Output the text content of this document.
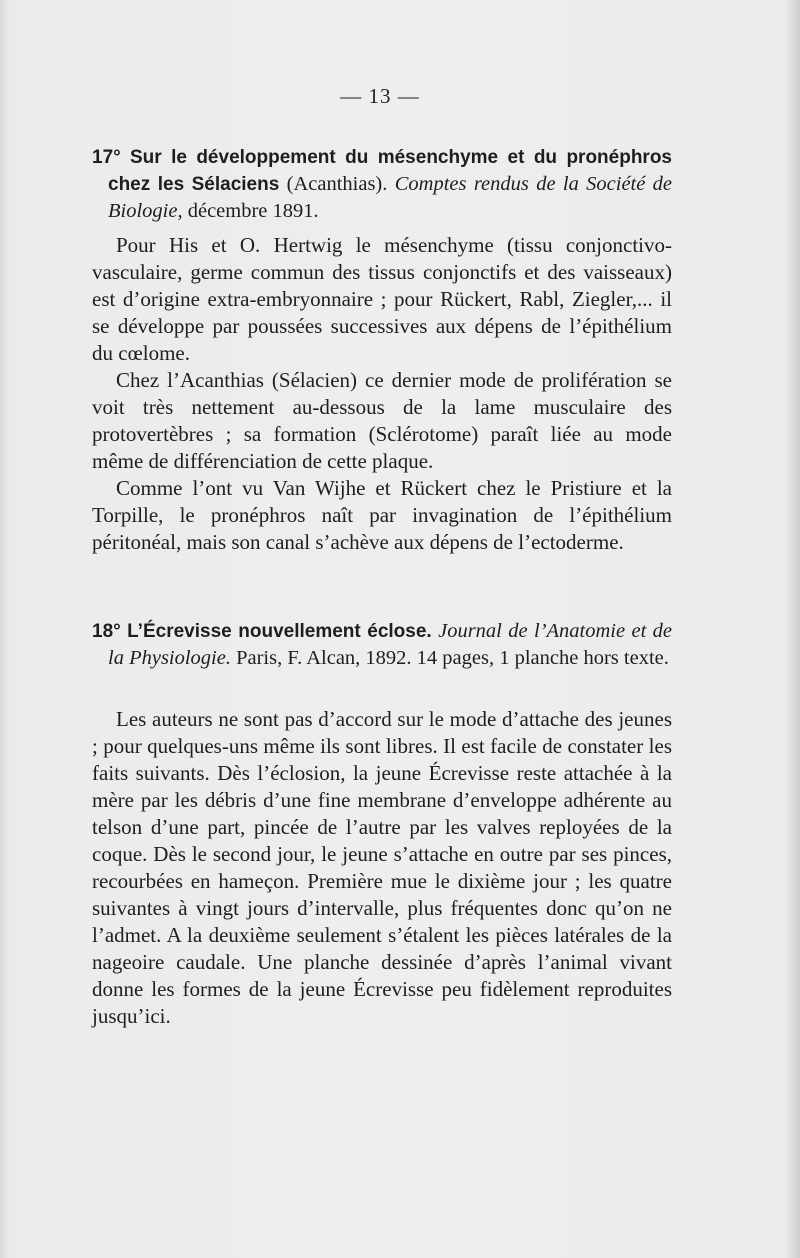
— 13 —
17° Sur le développement du mésenchyme et du pronéphros chez les Sélaciens (Acanthias). Comptes rendus de la Société de Biologie, décembre 1891.

Pour His et O. Hertwig le mésenchyme (tissu conjonctivo-vasculaire, germe commun des tissus conjonctifs et des vaisseaux) est d’origine extra-embryonnaire ; pour Rückert, Rabl, Ziegler,... il se développe par poussées successives aux dépens de l’épithélium du cœlome.

Chez l’Acanthias (Sélacien) ce dernier mode de prolifération se voit très nettement au-dessous de la lame musculaire des protovertèbres ; sa formation (Sclérotome) paraît liée au mode même de différenciation de cette plaque.

Comme l’ont vu Van Wijhe et Rückert chez le Pristiure et la Torpille, le pronéphros naît par invagination de l’épithélium péritonéal, mais son canal s’achève aux dépens de l’ectoderme.

18° L’Écrevisse nouvellement éclose. Journal de l’Anatomie et de la Physiologie. Paris, F. Alcan, 1892. 14 pages, 1 planche hors texte.

Les auteurs ne sont pas d’accord sur le mode d’attache des jeunes ; pour quelques-uns même ils sont libres. Il est facile de constater les faits suivants. Dès l’éclosion, la jeune Écrevisse reste attachée à la mère par les débris d’une fine membrane d’enveloppe adhérente au telson d’une part, pincée de l’autre par les valves reployées de la coque. Dès le second jour, le jeune s’attache en outre par ses pinces, recourbées en hameçon. Première mue le dixième jour ; les quatre suivantes à vingt jours d’intervalle, plus fréquentes donc qu’on ne l’admet. A la deuxième seulement s’étalent les pièces latérales de la nageoire caudale. Une planche dessinée d’après l’animal vivant donne les formes de la jeune Écrevisse peu fidèlement reproduites jusqu’ici.
